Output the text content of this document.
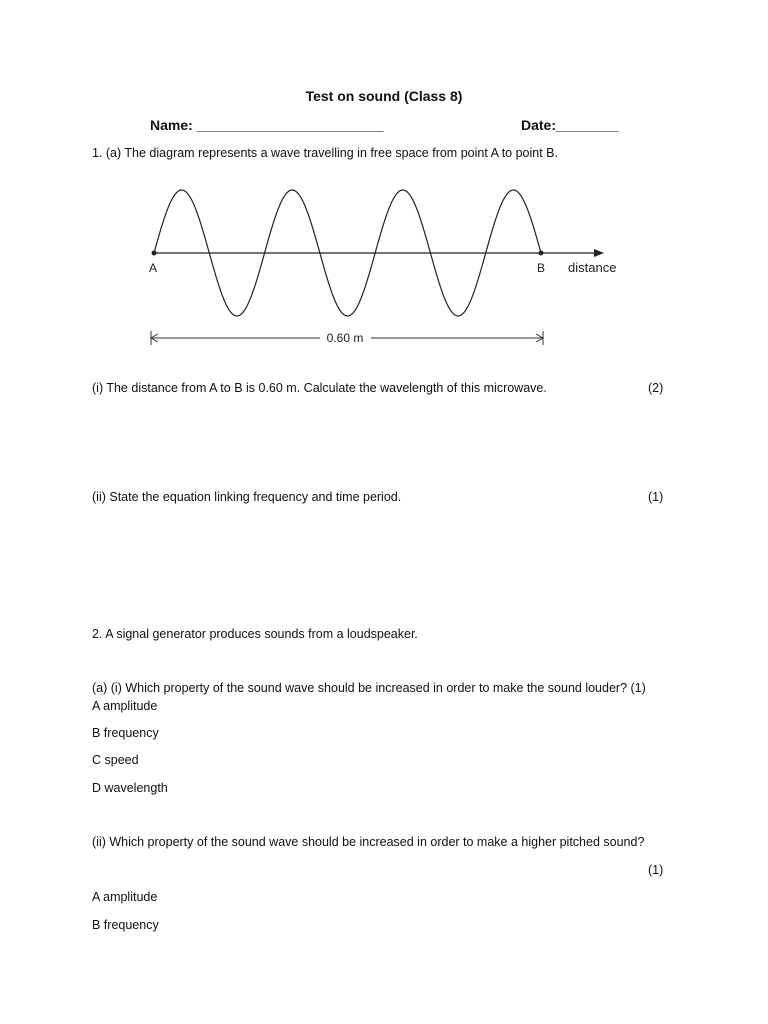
Test on sound (Class 8)
Name: ________________________	Date:________
1. (a) The diagram represents a wave travelling in free space from point A to point B.
A	B distance
0.60 m
(i) The distance from A to B is 0.60 m. Calculate the wavelength of this microwave.	(2)
(ii) State the equation linking frequency and time period.	(1)
2. A signal generator produces sounds from a loudspeaker.
(a) (i) Which property of the sound wave should be increased in order to make the sound louder? (1)
A amplitude
B frequency
C speed
D wavelength
(ii) Which property of the sound wave should be increased in order to make a higher pitched sound?
(1)
A amplitude
B frequency
